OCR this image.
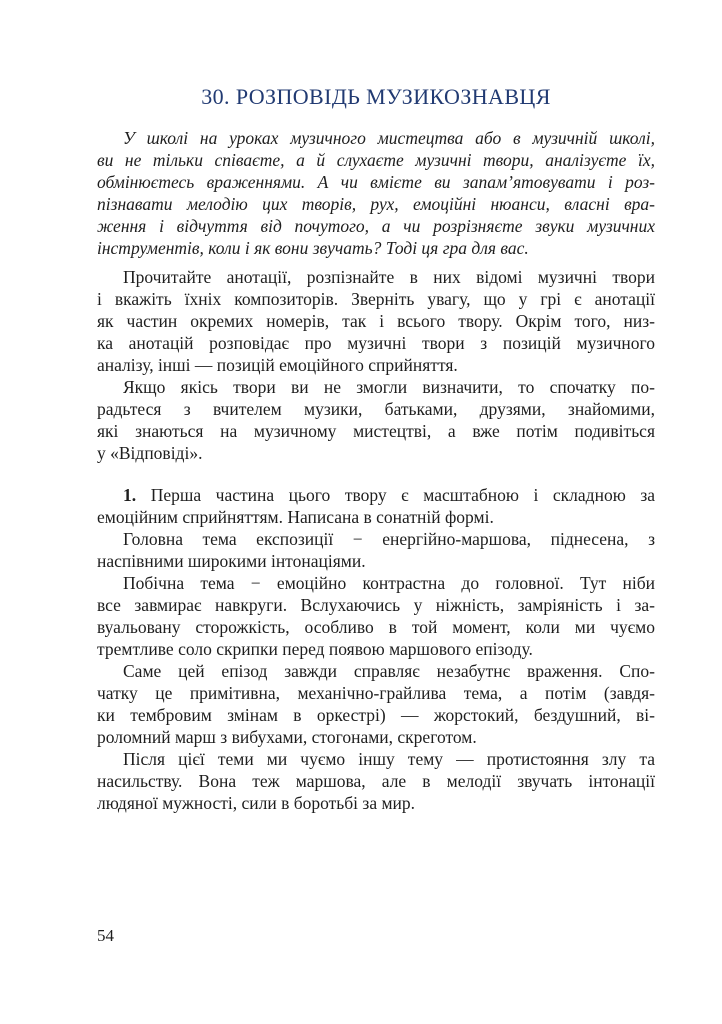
30. РОЗПОВІДЬ МУЗИКОЗНАВЦЯ
У школі на уроках музичного мистецтва або в музичній школі,
ви не тільки співаєте, а й слухаєте музичні твори, аналізуєте їх,
обмінюєтесь враженнями. А чи вмієте ви запам’ятовувати і роз-
пізнавати мелодію цих творів, рух, емоційні нюанси, власні вра-
ження і відчуття від почутого, а чи розрізняєте звуки музичних
інструментів, коли і як вони звучать? Тоді ця гра для вас.
Прочитайте анотації, розпізнайте в них відомі музичні твори
і вкажіть їхніх композиторів. Зверніть увагу, що у грі є анотації
як частин окремих номерів, так і всього твору. Окрім того, низ-
ка анотацій розповідає про музичні твори з позицій музичного
аналізу, інші — позицій емоційного сприйняття.
Якщо якісь твори ви не змогли визначити, то спочатку по-
радьтеся з вчителем музики, батьками, друзями, знайомими,
які знаються на музичному мистецтві, а вже потім подивіться
у «Відповіді».
1. Перша частина цього твору є масштабною і складною за
емоційним сприйняттям. Написана в сонатній формі.
Головна тема експозиції − енергійно-маршова, піднесена, з
наспівними широкими інтонаціями.
Побічна тема − емоційно контрастна до головної. Тут ніби
все завмирає навкруги. Вслухаючись у ніжність, замріяність і за-
вуальовану сторожкість, особливо в той момент, коли ми чуємо
тремтливе соло скрипки перед появою маршового епізоду.
Саме цей епізод завжди справляє незабутнє враження. Спо-
чатку це примітивна, механічно-грайлива тема, а потім (завдя-
ки тембровим змінам в оркестрі) — жорстокий, бездушний, ві-
роломний марш з вибухами, стогонами, скреготом.
Після цієї теми ми чуємо іншу тему — протистояння злу та
насильству. Вона теж маршова, але в мелодії звучать інтонації
людяної мужності, сили в боротьбі за мир.
54
